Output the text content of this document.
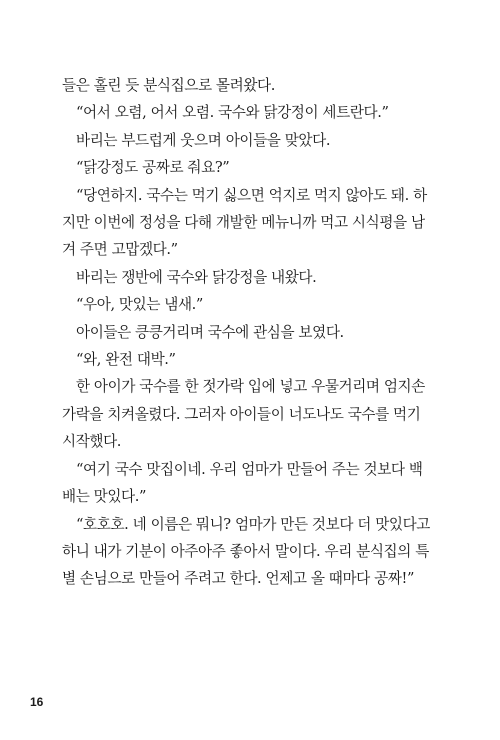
들은 홀린 듯 분식집으로 몰려왔다.
“어서 오렴, 어서 오렴. 국수와 닭강정이 세트란다.”
바리는 부드럽게 웃으며 아이들을 맞았다.
“닭강정도 공짜로 줘요?”
“당연하지. 국수는 먹기 싫으면 억지로 먹지 않아도 돼. 하
지만 이번에 정성을 다해 개발한 메뉴니까 먹고 시식평을 남
겨 주면 고맙겠다.”
바리는 쟁반에 국수와 닭강정을 내왔다.
“우아, 맛있는 냄새.”
아이들은 킁킁거리며 국수에 관심을 보였다.
“와, 완전 대박.”
한 아이가 국수를 한 젓가락 입에 넣고 우물거리며 엄지손
가락을 치켜올렸다. 그러자 아이들이 너도나도 국수를 먹기
시작했다.
“여기 국수 맛집이네. 우리 엄마가 만들어 주는 것보다 백
배는 맛있다.”
“호호호. 네 이름은 뭐니? 엄마가 만든 것보다 더 맛있다고
하니 내가 기분이 아주아주 좋아서 말이다. 우리 분식집의 특
별 손님으로 만들어 주려고 한다. 언제고 올 때마다 공짜!”
16
